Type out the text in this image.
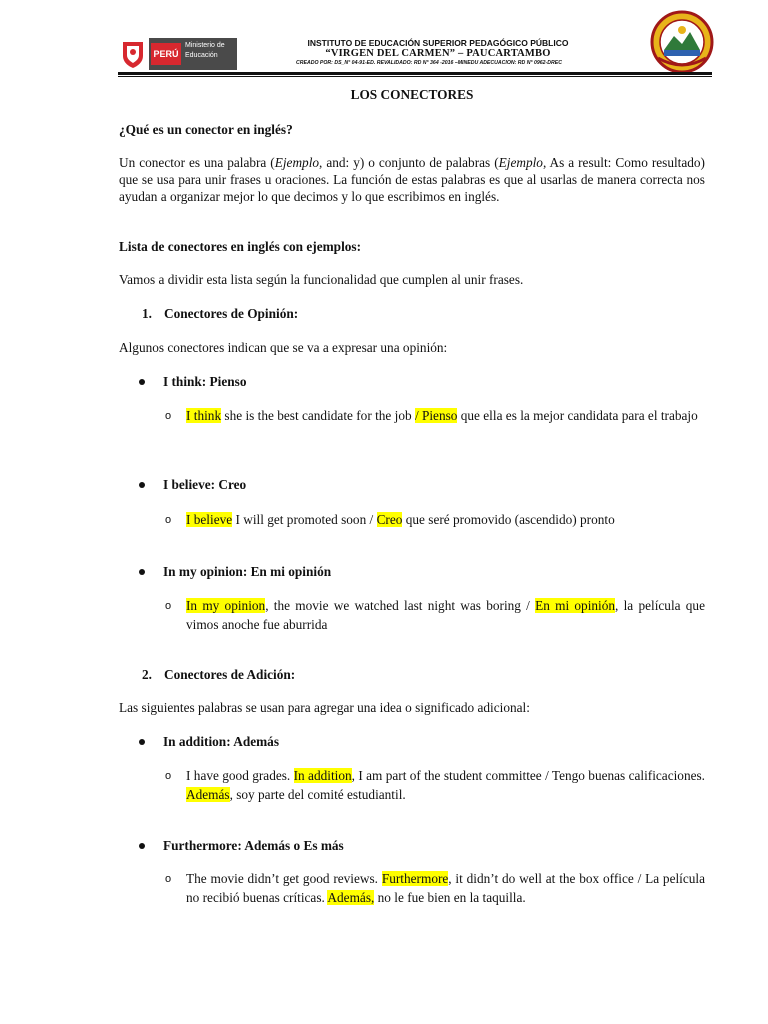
PERÚ
Ministerio de Educación
INSTITUTO DE EDUCACIÓN SUPERIOR PEDAGÓGICO PÚBLICO
“VIRGEN DEL CARMEN” – PAUCARTAMBO
CREADO POR: DS_N° 04-91-ED. REVALIDADO: RD N° 364 -2016 –MINEDU ADECUACION: RD N° 0962-DREC
LOS CONECTORES
¿Qué es un conector en inglés?
Un conector es una palabra (Ejemplo, and: y) o conjunto de palabras (Ejemplo, As a result: Como resultado) que se usa para unir frases u oraciones. La función de estas palabras es que al usarlas de manera correcta nos ayudan a organizar mejor lo que decimos y lo que escribimos en inglés.
Lista de conectores en inglés con ejemplos:
Vamos a dividir esta lista según la funcionalidad que cumplen al unir frases.
1. Conectores de Opinión:
Algunos conectores indican que se va a expresar una opinión:
I think: Pienso
o I think she is the best candidate for the job / Pienso que ella es la mejor candidata para el trabajo
I believe: Creo
o I believe I will get promoted soon / Creo que seré promovido (ascendido) pronto
In my opinion: En mi opinión
o In my opinion, the movie we watched last night was boring / En mi opinión, la película que vimos anoche fue aburrida
2. Conectores de Adición:
Las siguientes palabras se usan para agregar una idea o significado adicional:
In addition: Además
o I have good grades. In addition, I am part of the student committee / Tengo buenas calificaciones. Además, soy parte del comité estudiantil.
Furthermore: Además o Es más
o The movie didn’t get good reviews. Furthermore, it didn’t do well at the box office / La película no recibió buenas críticas. Además, no le fue bien en la taquilla.
